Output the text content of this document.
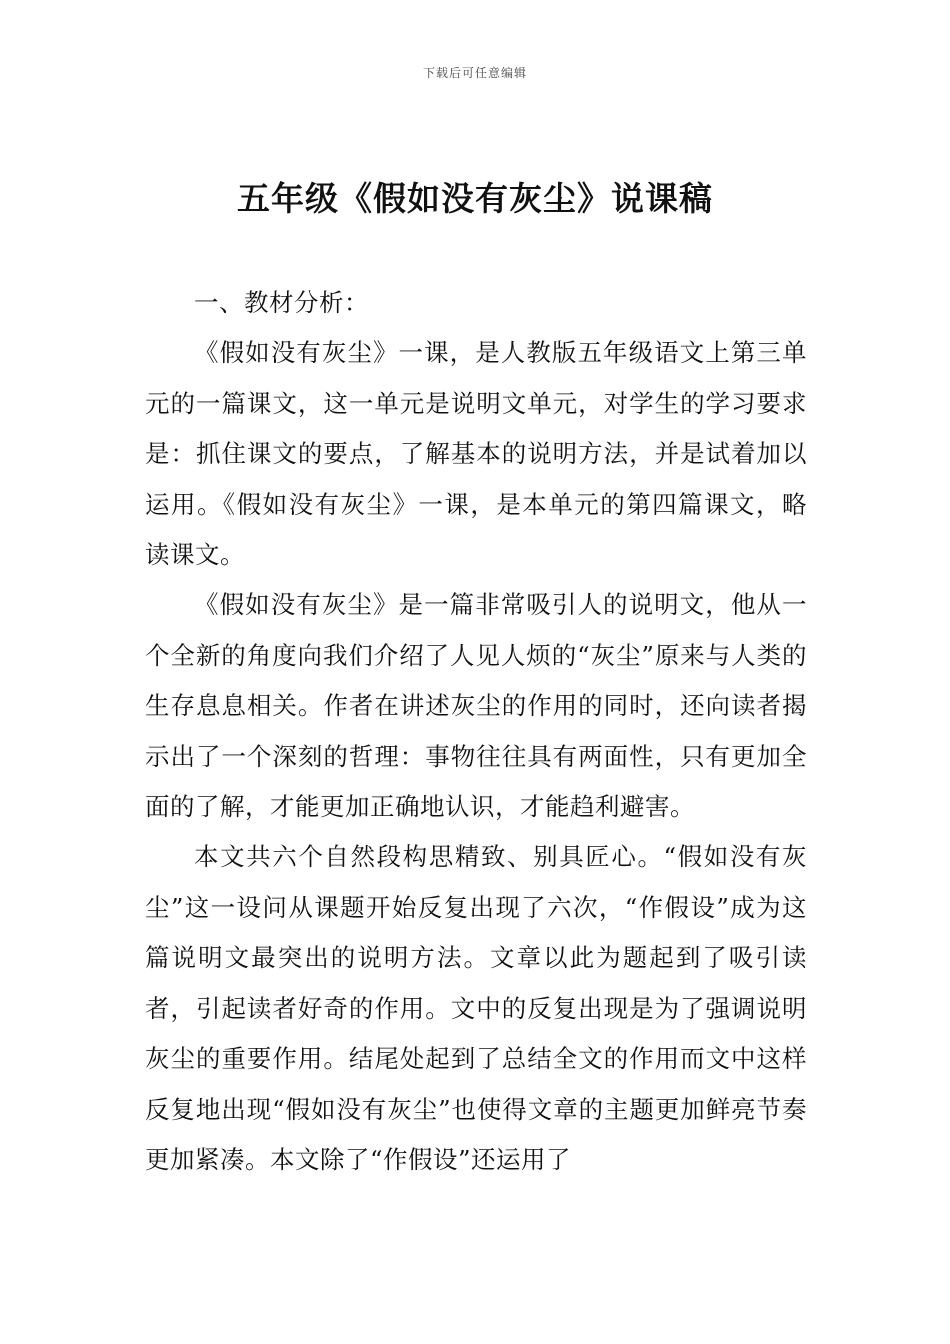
下载后可任意编辑
五年级《假如没有灰尘》说课稿

一、教材分析：

《假如没有灰尘》一课，是人教版五年级语文上第三单元的一篇课文，这一单元是说明文单元，对学生的学习要求是：抓住课文的要点，了解基本的说明方法，并是试着加以运用。《假如没有灰尘》一课，是本单元的第四篇课文，略读课文。

《假如没有灰尘》是一篇非常吸引人的说明文，他从一个全新的角度向我们介绍了人见人烦的“灰尘”原来与人类的生存息息相关。作者在讲述灰尘的作用的同时，还向读者揭示出了一个深刻的哲理：事物往往具有两面性，只有更加全面的了解，才能更加正确地认识，才能趋利避害。

本文共六个自然段构思精致、别具匠心。“假如没有灰尘”这一设问从课题开始反复出现了六次，“作假设”成为这篇说明文最突出的说明方法。文章以此为题起到了吸引读者，引起读者好奇的作用。文中的反复出现是为了强调说明灰尘的重要作用。结尾处起到了总结全文的作用而文中这样反复地出现“假如没有灰尘”也使得文章的主题更加鲜亮节奏更加紧凑。本文除了“作假设”还运用了
